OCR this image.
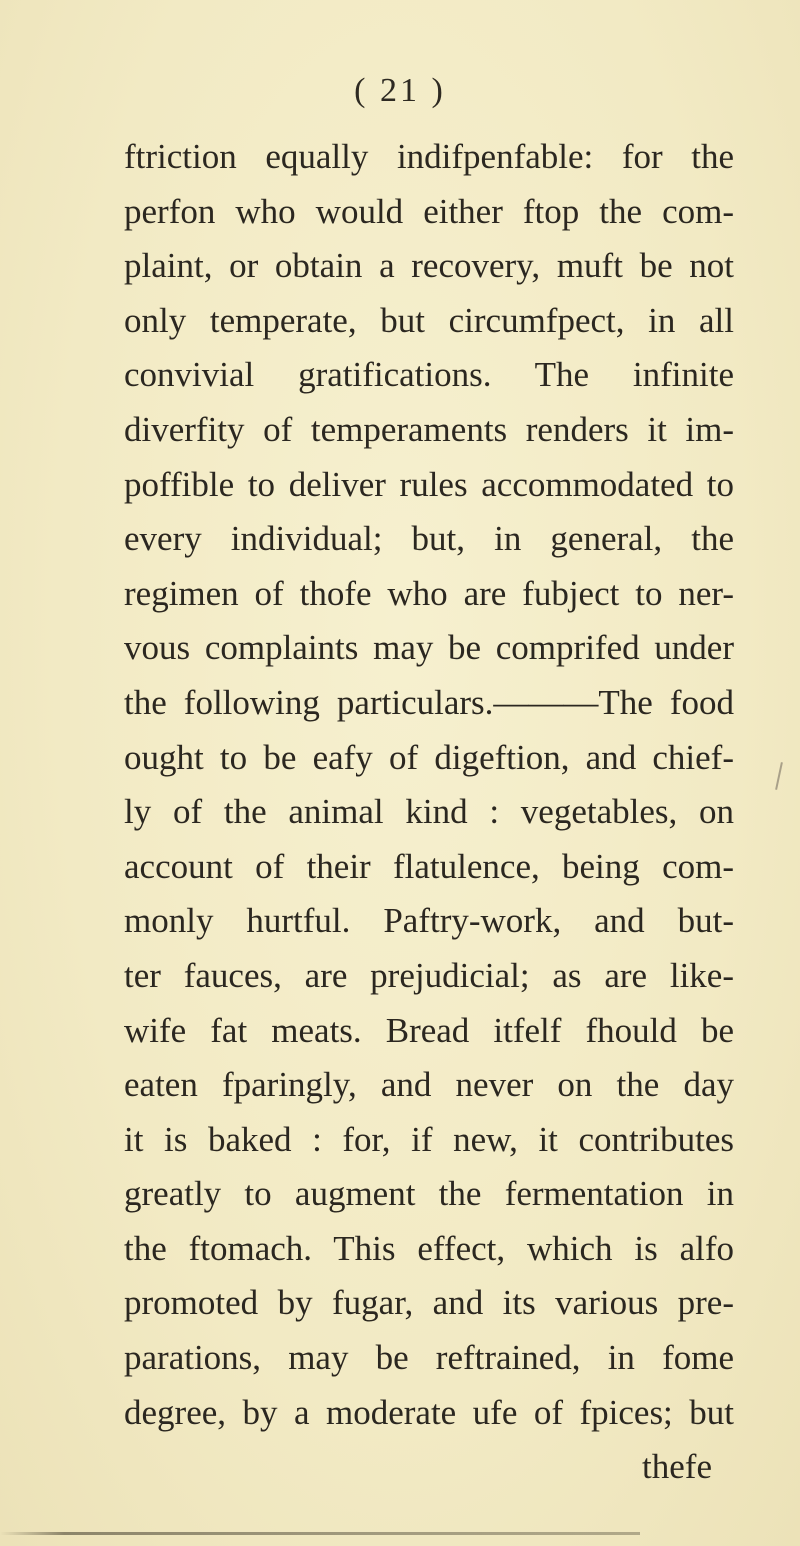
( 21 )
ftriction equally indifpenfable: for the
perfon who would either ftop the com-
plaint, or obtain a recovery, muft be not
only temperate, but circumfpect, in all
convivial gratifications. The infinite
diverfity of temperaments renders it im-
poffible to deliver rules accommodated to
every individual; but, in general, the
regimen of thofe who are fubject to ner-
vous complaints may be comprifed under
the following particulars.———The food
ought to be eafy of digeftion, and chief-
ly of the animal kind : vegetables, on
account of their flatulence, being com-
monly hurtful. Paftry-work, and but-
ter fauces, are prejudicial; as are like-
wife fat meats. Bread itfelf fhould be
eaten fparingly, and never on the day
it is baked : for, if new, it contributes
greatly to augment the fermentation in
the ftomach. This effect, which is alfo
promoted by fugar, and its various pre-
parations, may be reftrained, in fome
degree, by a moderate ufe of fpices; but
thefe
